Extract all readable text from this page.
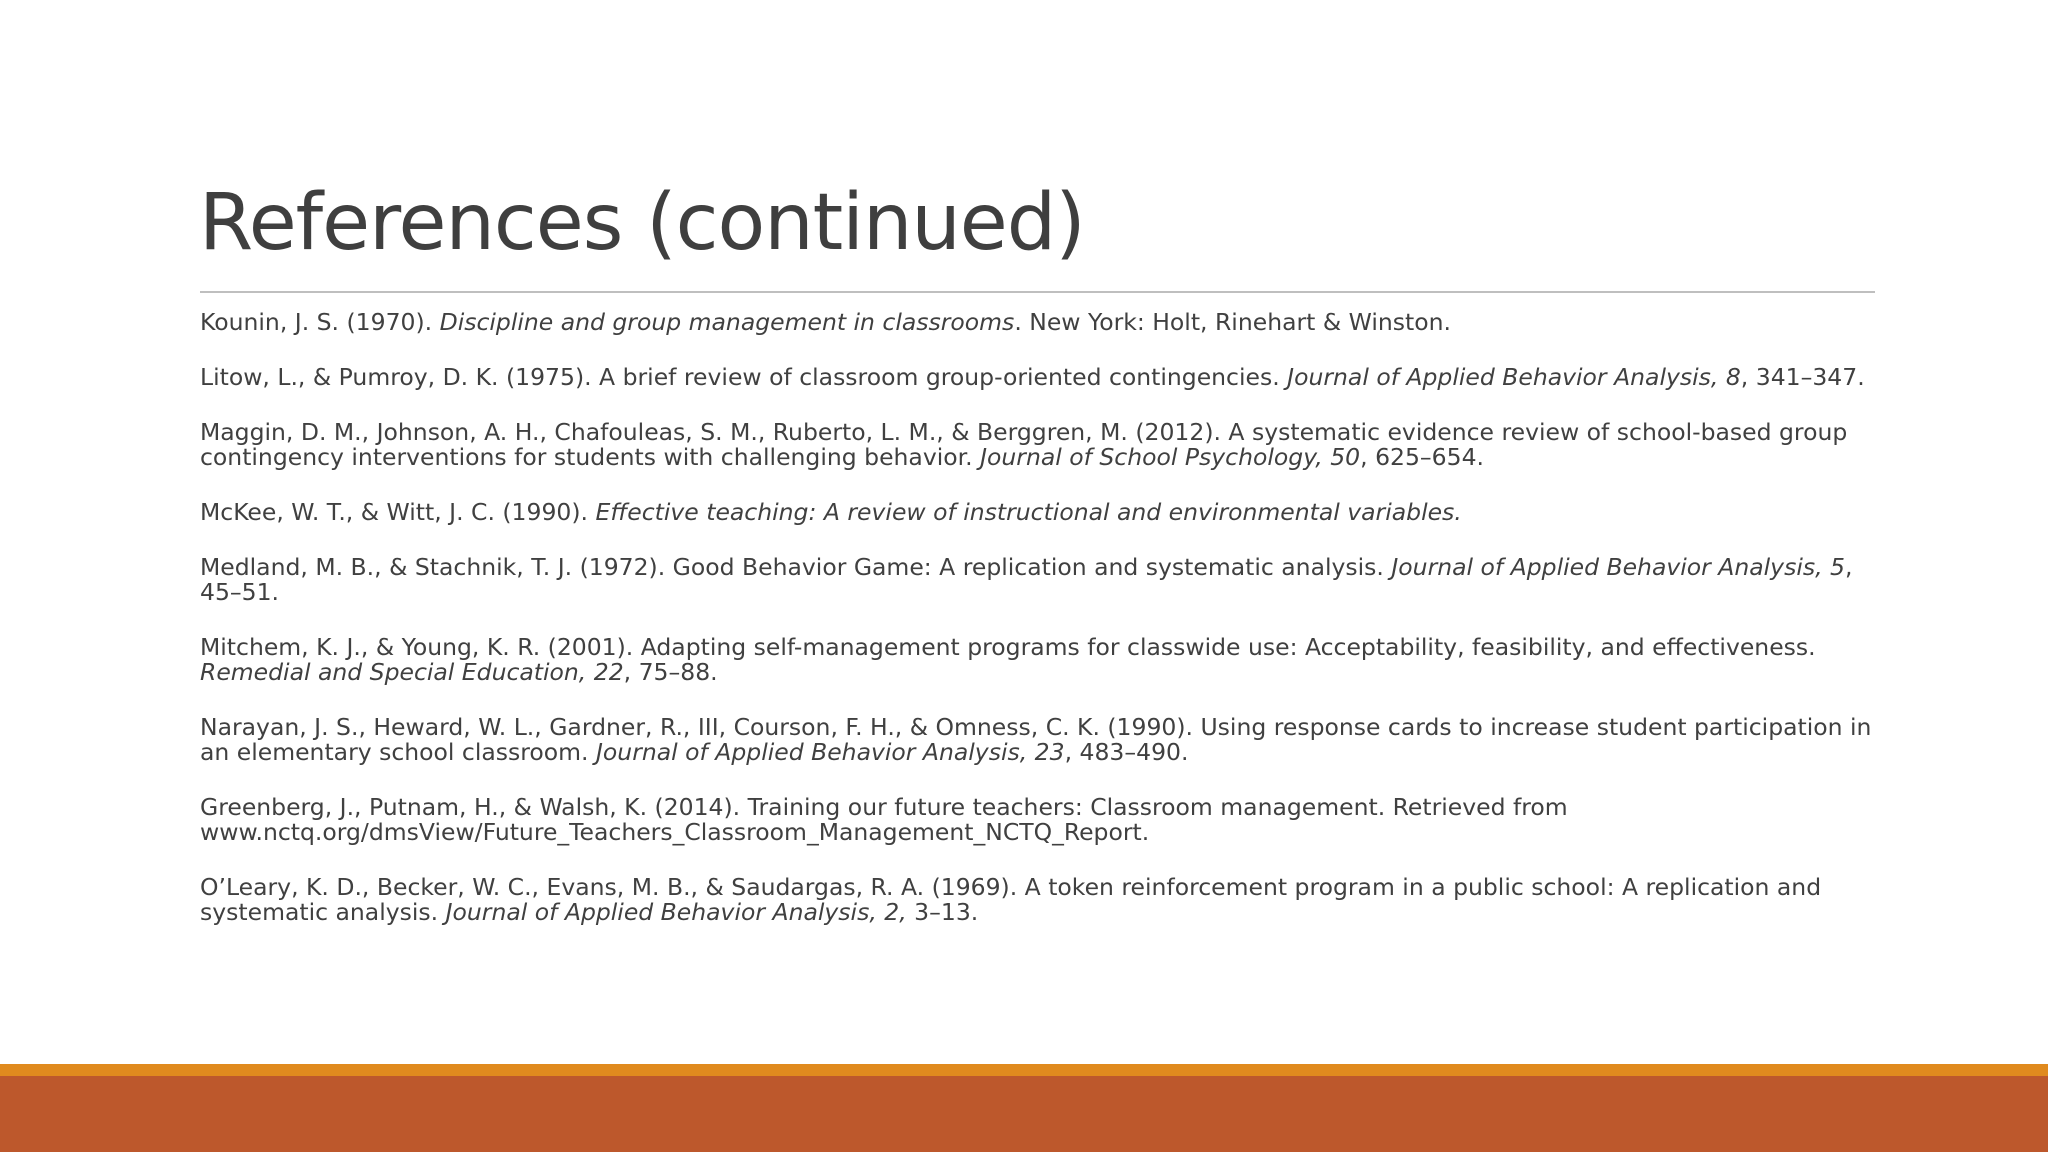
References (continued)
Kounin, J. S. (1970). Discipline and group management in classrooms. New York: Holt, Rinehart & Winston.
Litow, L., & Pumroy, D. K. (1975). A brief review of classroom group-oriented contingencies. Journal of Applied Behavior Analysis, 8, 341–347.
Maggin, D. M., Johnson, A. H., Chafouleas, S. M., Ruberto, L. M., & Berggren, M. (2012). A systematic evidence review of school-based group contingency interventions for students with challenging behavior. Journal of School Psychology, 50, 625–654.
McKee, W. T., & Witt, J. C. (1990). Effective teaching: A review of instructional and environmental variables.
Medland, M. B., & Stachnik, T. J. (1972). Good Behavior Game: A replication and systematic analysis. Journal of Applied Behavior Analysis, 5, 45–51.
Mitchem, K. J., & Young, K. R. (2001). Adapting self-management programs for classwide use: Acceptability, feasibility, and effectiveness. Remedial and Special Education, 22, 75–88.
Narayan, J. S., Heward, W. L., Gardner, R., III, Courson, F. H., & Omness, C. K. (1990). Using response cards to increase student participation in an elementary school classroom. Journal of Applied Behavior Analysis, 23, 483–490.
Greenberg, J., Putnam, H., & Walsh, K. (2014). Training our future teachers: Classroom management. Retrieved from www.nctq.org/dmsView/Future_Teachers_Classroom_Management_NCTQ_Report.
O’Leary, K. D., Becker, W. C., Evans, M. B., & Saudargas, R. A. (1969). A token reinforcement program in a public school: A replication and systematic analysis. Journal of Applied Behavior Analysis, 2, 3–13.
